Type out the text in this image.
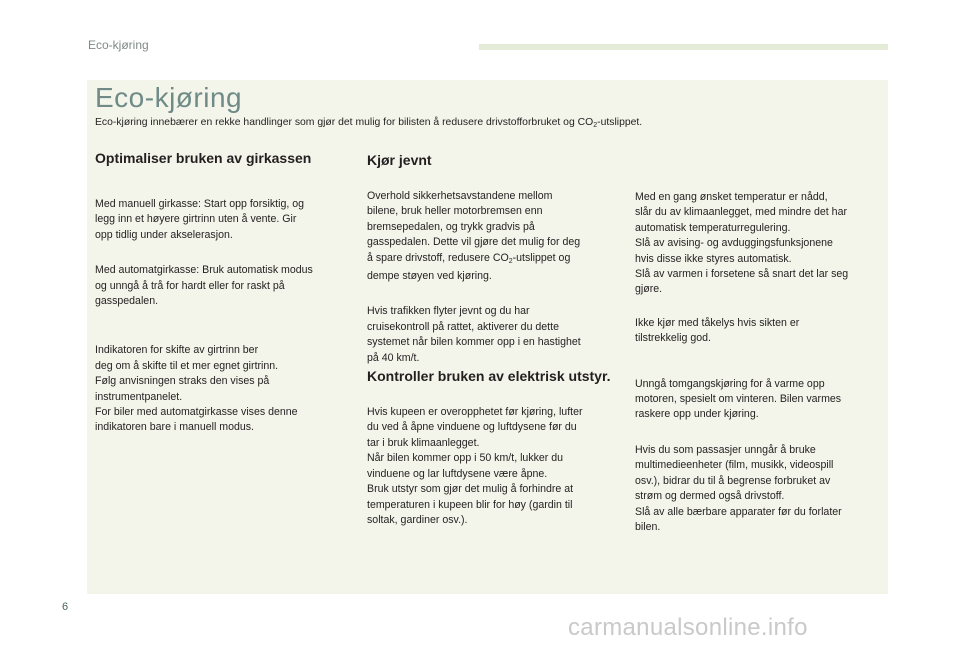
Eco-kjøring
Eco-kjøring
Eco-kjøring innebærer en rekke handlinger som gjør det mulig for bilisten å redusere drivstofforbruket og $CO_2$-utslippet.
Optimaliser bruken av girkassen

Med manuell girkasse: Start opp forsiktig, og
legg inn et høyere girtrinn uten å vente. Gir
opp tidlig under akselerasjon.

Med automatgirkasse: Bruk automatisk modus
og unngå å trå for hardt eller for raskt på
gasspedalen.

Indikatoren for skifte av girtrinn ber
deg om å skifte til et mer egnet girtrinn.
Følg anvisningen straks den vises på
instrumentpanelet.
For biler med automatgirkasse vises denne
indikatoren bare i manuell modus.

Kjør jevnt

Overhold sikkerhetsavstandene mellom
bilene, bruk heller motorbremsen enn
bremsepedalen, og trykk gradvis på
gasspedalen. Dette vil gjøre det mulig for deg
å spare drivstoff, redusere $CO_2$-utslippet og
dempe støyen ved kjøring.

Hvis trafikken flyter jevnt og du har
cruisekontroll på rattet, aktiverer du dette
systemet når bilen kommer opp i en hastighet
på 40 km/t.

Kontroller bruken av elektrisk utstyr.

Hvis kupeen er overopphetet før kjøring, lufter
du ved å åpne vinduene og luftdysene før du
tar i bruk klimaanlegget.
Når bilen kommer opp i 50 km/t, lukker du
vinduene og lar luftdysene være åpne.
Bruk utstyr som gjør det mulig å forhindre at
temperaturen i kupeen blir for høy (gardin til
soltak, gardiner osv.).

Med en gang ønsket temperatur er nådd,
slår du av klimaanlegget, med mindre det har
automatisk temperaturregulering.
Slå av avising- og avduggingsfunksjonene
hvis disse ikke styres automatisk.
Slå av varmen i forsetene så snart det lar seg
gjøre.

Ikke kjør med tåkelys hvis sikten er
tilstrekkelig god.

Unngå tomgangskjøring for å varme opp
motoren, spesielt om vinteren. Bilen varmes
raskere opp under kjøring.

Hvis du som passasjer unngår å bruke
multimedieenheter (film, musikk, videospill
osv.), bidrar du til å begrense forbruket av
strøm og dermed også drivstoff.
Slå av alle bærbare apparater før du forlater
bilen.

6
carmanualsonline.info
